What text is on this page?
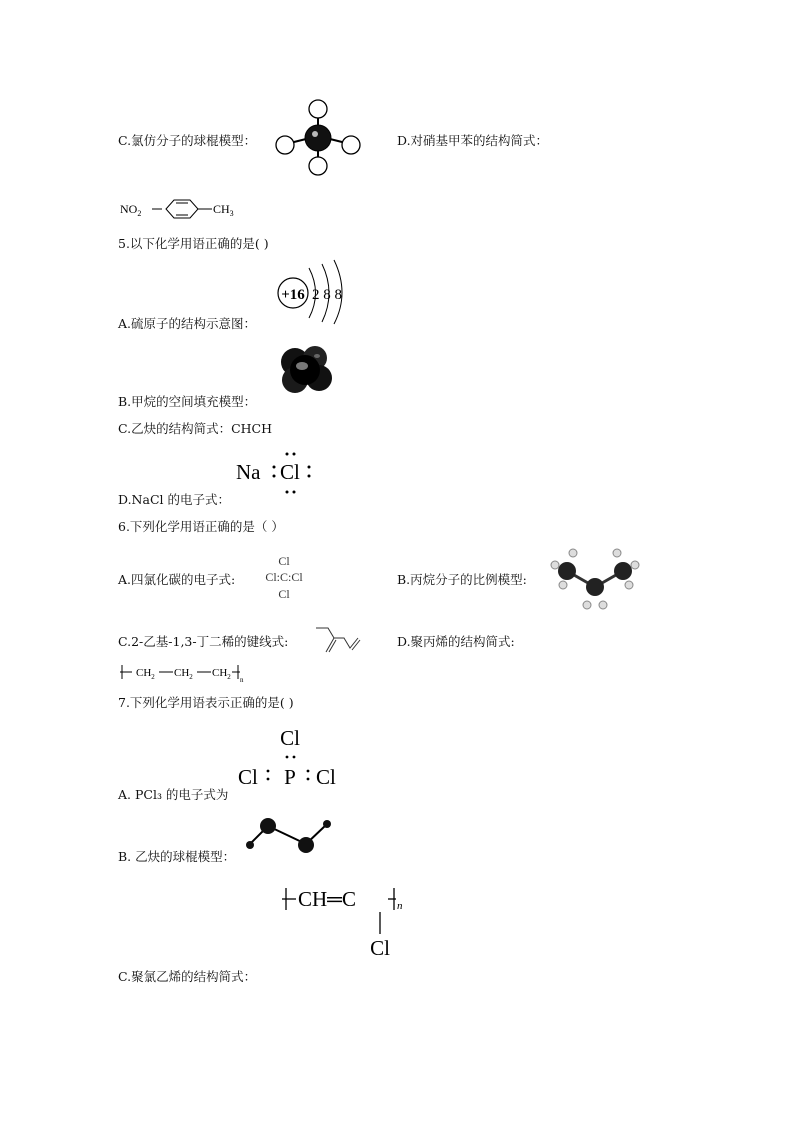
C.氯仿分子的球棍模型：	D.对硝基甲苯的结构简式：
$NO_2$	$CH_3$
5.以下化学用语正确的是( )
+16 2 8 8
A.硫原子的结构示意图：
B.甲烷的空间填充模型：
C.乙炔的结构简式：CHCH
Na Cl
D.NaCl 的电子式：
6.下列化学用语正确的是（ ）
Cl
Cl:C:Cl
Cl
A.四氯化碳的电子式:	B.丙烷分子的比例模型:
C.2-乙基-1,3-丁二稀的键线式:	D.聚丙烯的结构简式:
$CH_2$ $CH_2$ $CH_2$ n
7.下列化学用语表示正确的是( )
Cl
Cl P Cl
A. PCl₃ 的电子式为
B. 乙炔的球棍模型：
CH═C	n
Cl
C.聚氯乙烯的结构简式：
